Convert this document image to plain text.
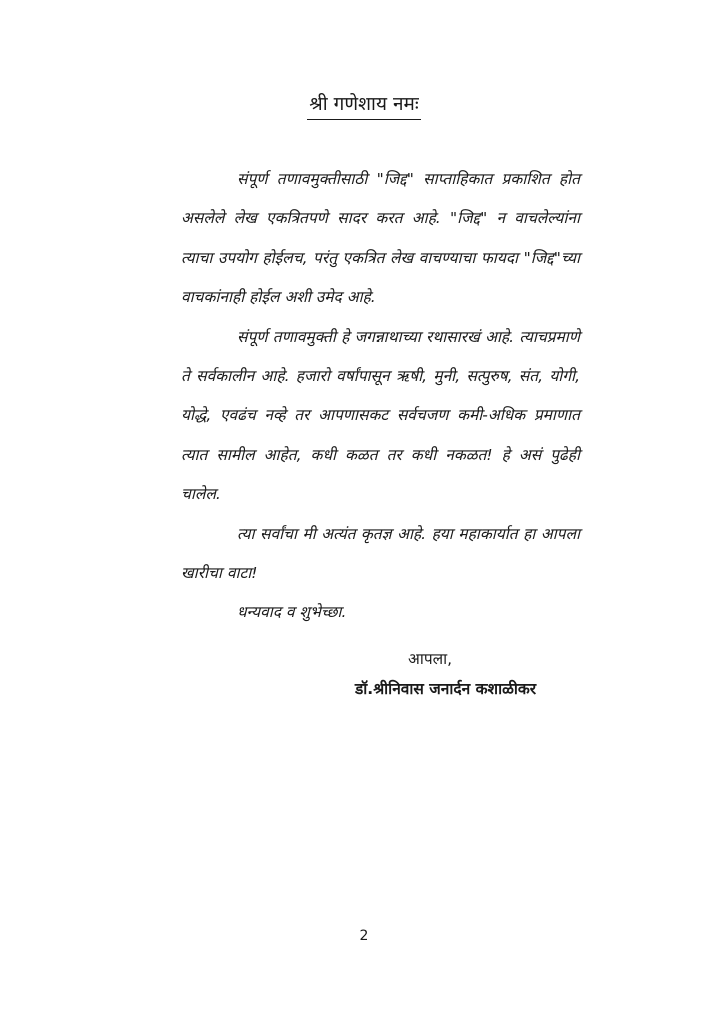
श्री गणेशाय नमः

संपूर्ण तणावमुक्तीसाठी "जिद्द" साप्ताहिकात प्रकाशित होत असलेले लेख एकत्रितपणे सादर करत आहे. "जिद्द" न वाचलेल्यांना त्याचा उपयोग होईलच, परंतु एकत्रित लेख वाचण्याचा फायदा "जिद्द"च्या वाचकांनाही होईल अशी उमेद आहे.

संपूर्ण तणावमुक्ती हे जगन्नाथाच्या रथासारखं आहे. त्याचप्रमाणे ते सर्वकालीन आहे. हजारो वर्षांपासून ऋषी, मुनी, सत्पुरुष, संत, योगी, योद्धे, एवढंच नव्हे तर आपणासकट सर्वचजण कमी-अधिक प्रमाणात त्यात सामील आहेत, कधी कळत तर कधी नकळत! हे असं पुढेही चालेल.

त्या सर्वांचा मी अत्यंत कृतज्ञ आहे. हया महाकार्यात हा आपला खारीचा वाटा!

धन्यवाद व शुभेच्छा.

आपला,
डॉ.श्रीनिवास जनार्दन कशाळीकर
2
